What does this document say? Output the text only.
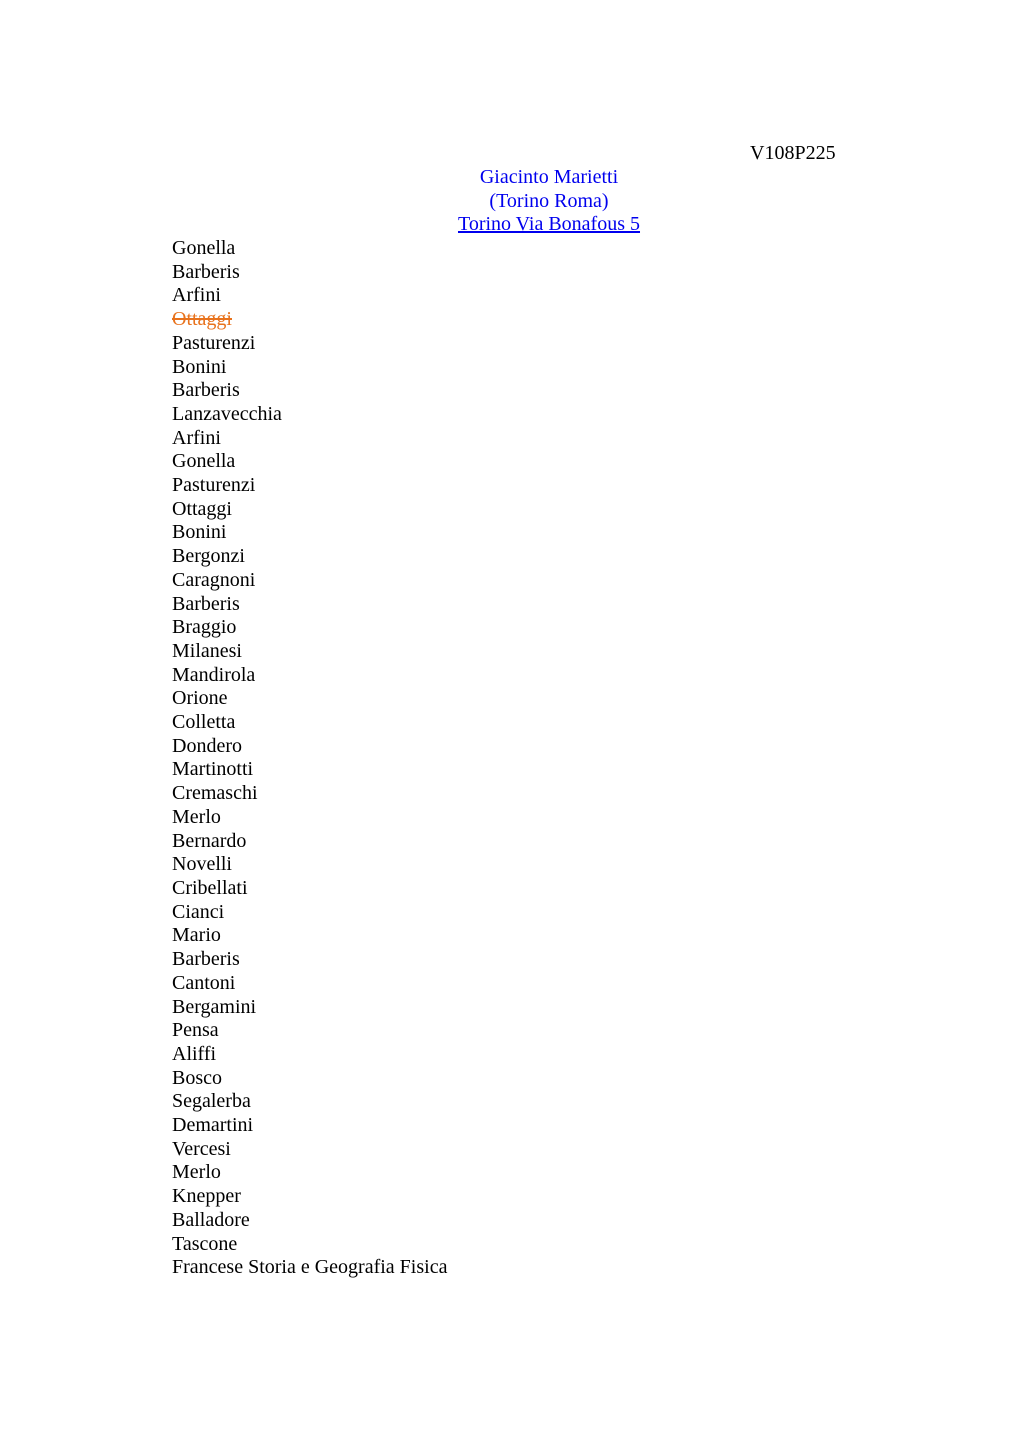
V108P225
Giacinto Marietti
(Torino Roma)
Torino Via Bonafous 5
Gonella
Barberis
Arfini
Ottaggi
Pasturenzi
Bonini
Barberis
Lanzavecchia
Arfini
Gonella
Pasturenzi
Ottaggi
Bonini
Bergonzi
Caragnoni
Barberis
Braggio
Milanesi
Mandirola
Orione
Colletta
Dondero
Martinotti
Cremaschi
Merlo
Bernardo
Novelli
Cribellati
Cianci
Mario
Barberis
Cantoni
Bergamini
Pensa
Aliffi
Bosco
Segalerba
Demartini
Vercesi
Merlo
Knepper
Balladore
Tascone
Francese Storia e Geografia Fisica
